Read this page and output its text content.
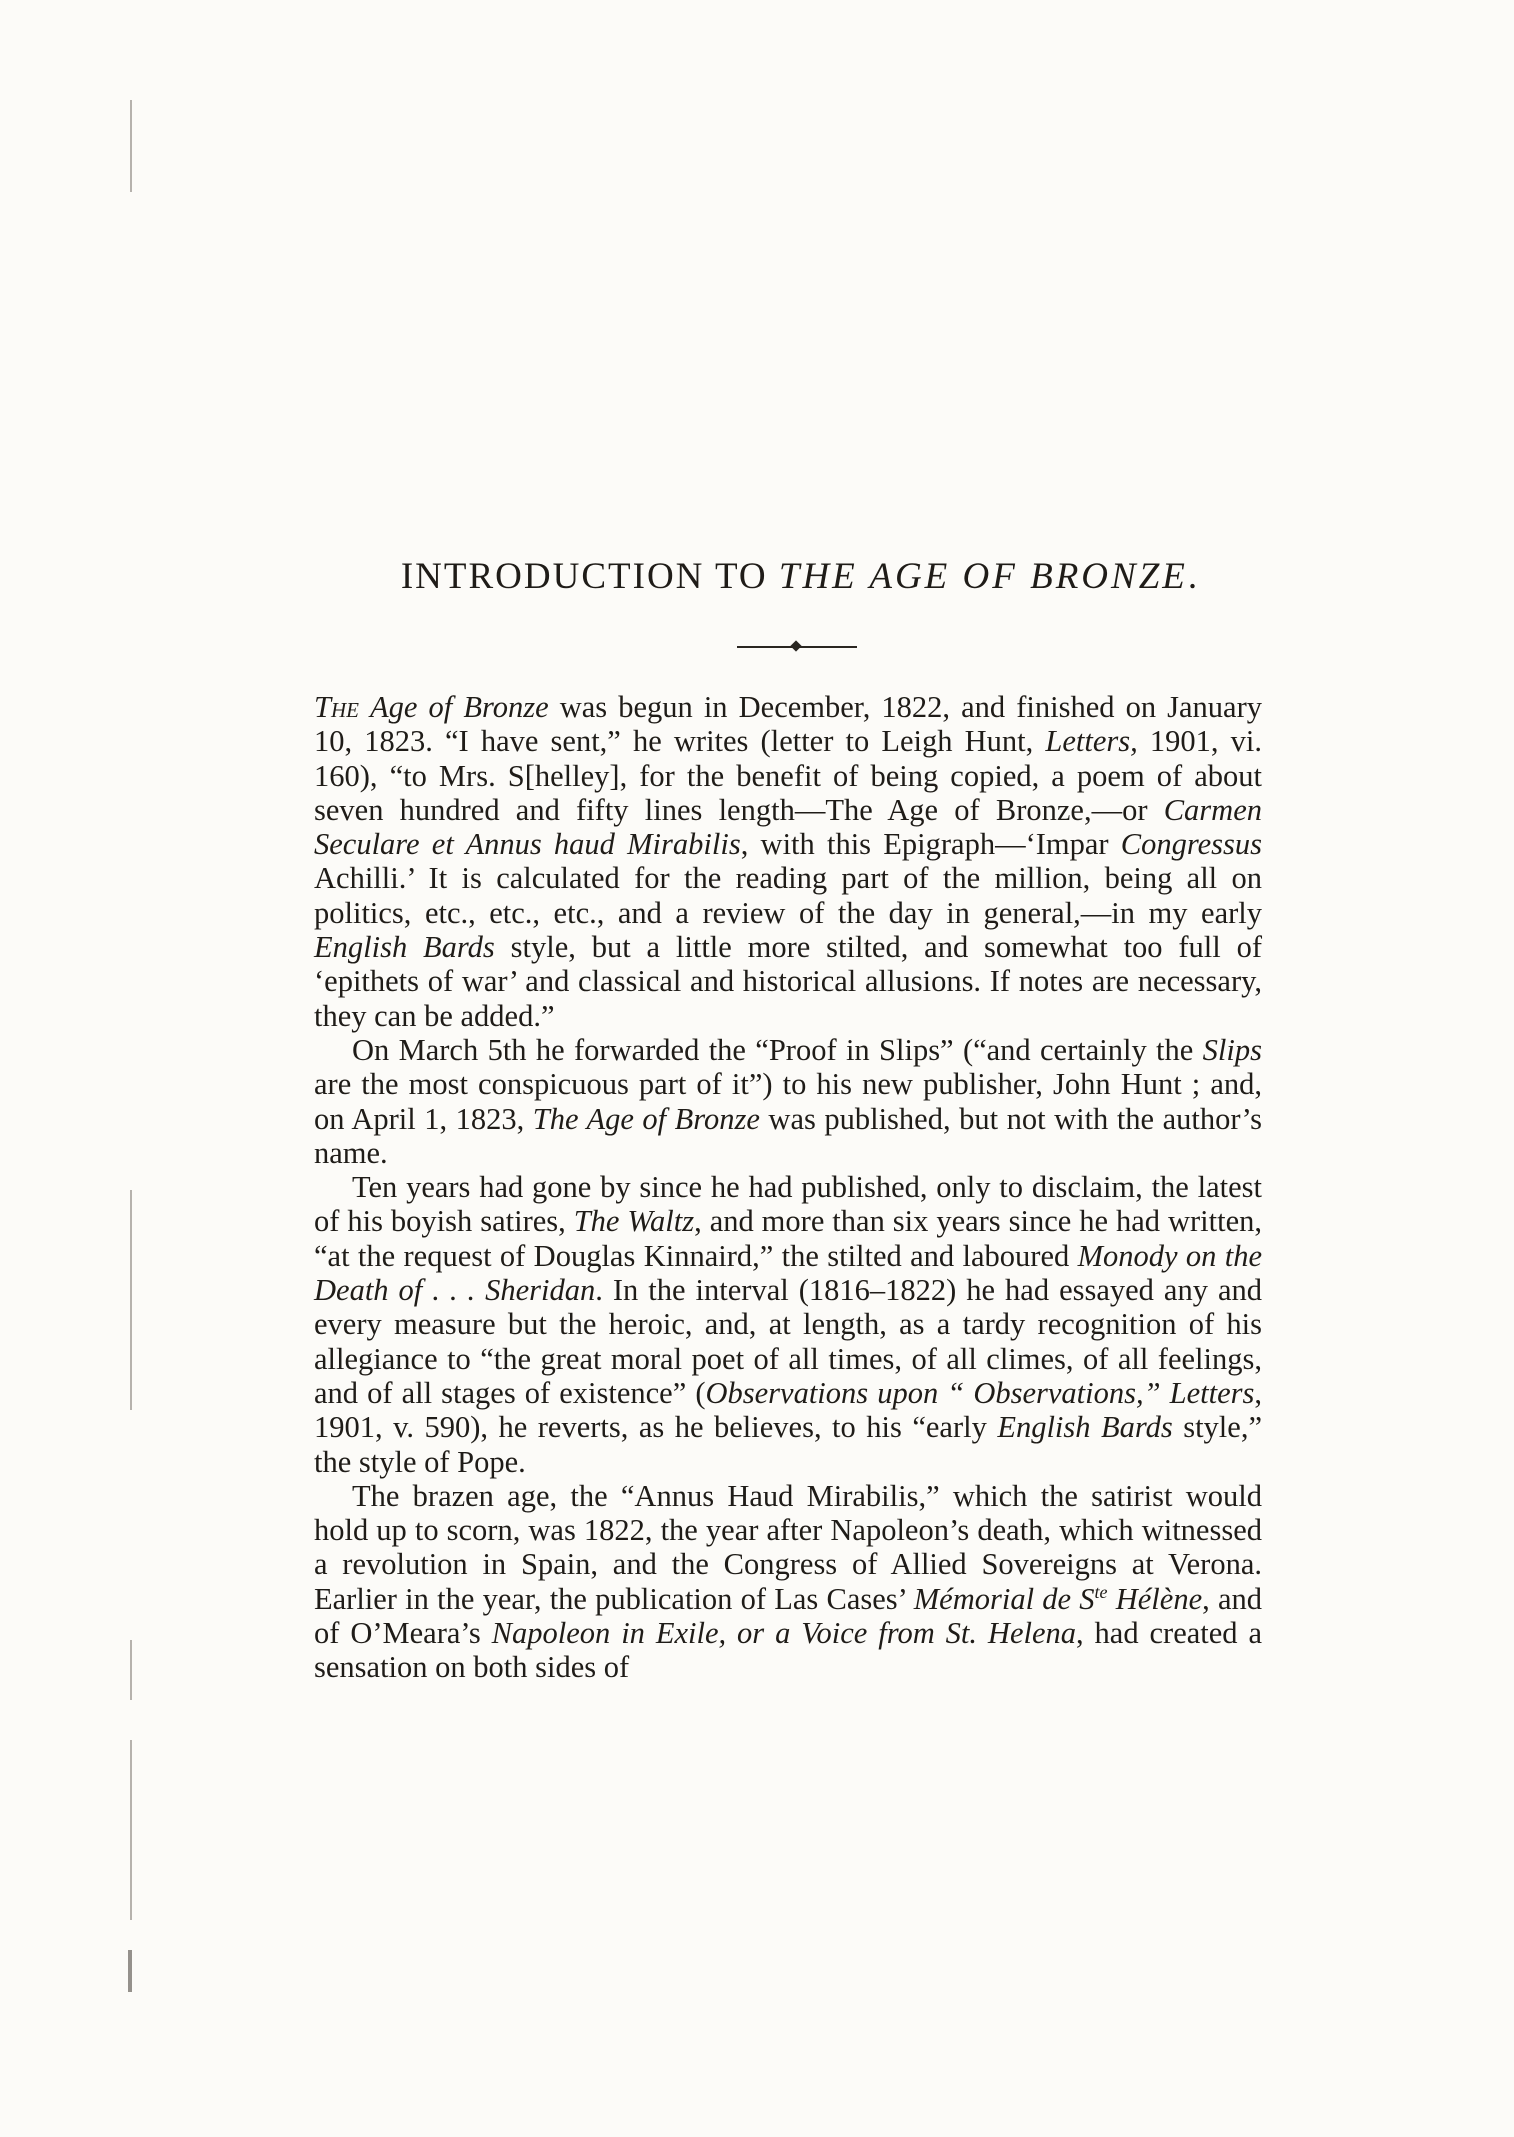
INTRODUCTION TO THE AGE OF BRONZE.

The Age of Bronze was begun in December, 1822, and finished on January 10, 1823. “I have sent,” he writes (letter to Leigh Hunt, Letters, 1901, vi. 160), “to Mrs. S[helley], for the benefit of being copied, a poem of about seven hundred and fifty lines length—The Age of Bronze,—or Carmen Seculare et Annus haud Mirabilis, with this Epigraph—‘Impar Congressus Achilli.’ It is calculated for the reading part of the million, being all on politics, etc., etc., etc., and a review of the day in general,—in my early English Bards style, but a little more stilted, and somewhat too full of ‘epithets of war’ and classical and historical allusions. If notes are necessary, they can be added.”

On March 5th he forwarded the “Proof in Slips” (“and certainly the Slips are the most conspicuous part of it”) to his new publisher, John Hunt ; and, on April 1, 1823, The Age of Bronze was published, but not with the author’s name.

Ten years had gone by since he had published, only to disclaim, the latest of his boyish satires, The Waltz, and more than six years since he had written, “at the request of Douglas Kinnaird,” the stilted and laboured Monody on the Death of . . . Sheridan. In the interval (1816–1822) he had essayed any and every measure but the heroic, and, at length, as a tardy recognition of his allegiance to “the great moral poet of all times, of all climes, of all feelings, and of all stages of existence” (Observations upon “ Observations,” Letters, 1901, v. 590), he reverts, as he believes, to his “early English Bards style,” the style of Pope.

The brazen age, the “Annus Haud Mirabilis,” which the satirist would hold up to scorn, was 1822, the year after Napoleon’s death, which witnessed a revolution in Spain, and the Congress of Allied Sovereigns at Verona. Earlier in the year, the publication of Las Cases’ Mémorial de $S^{te}$ Hélène, and of O’Meara’s Napoleon in Exile, or a Voice from St. Helena, had created a sensation on both sides of
